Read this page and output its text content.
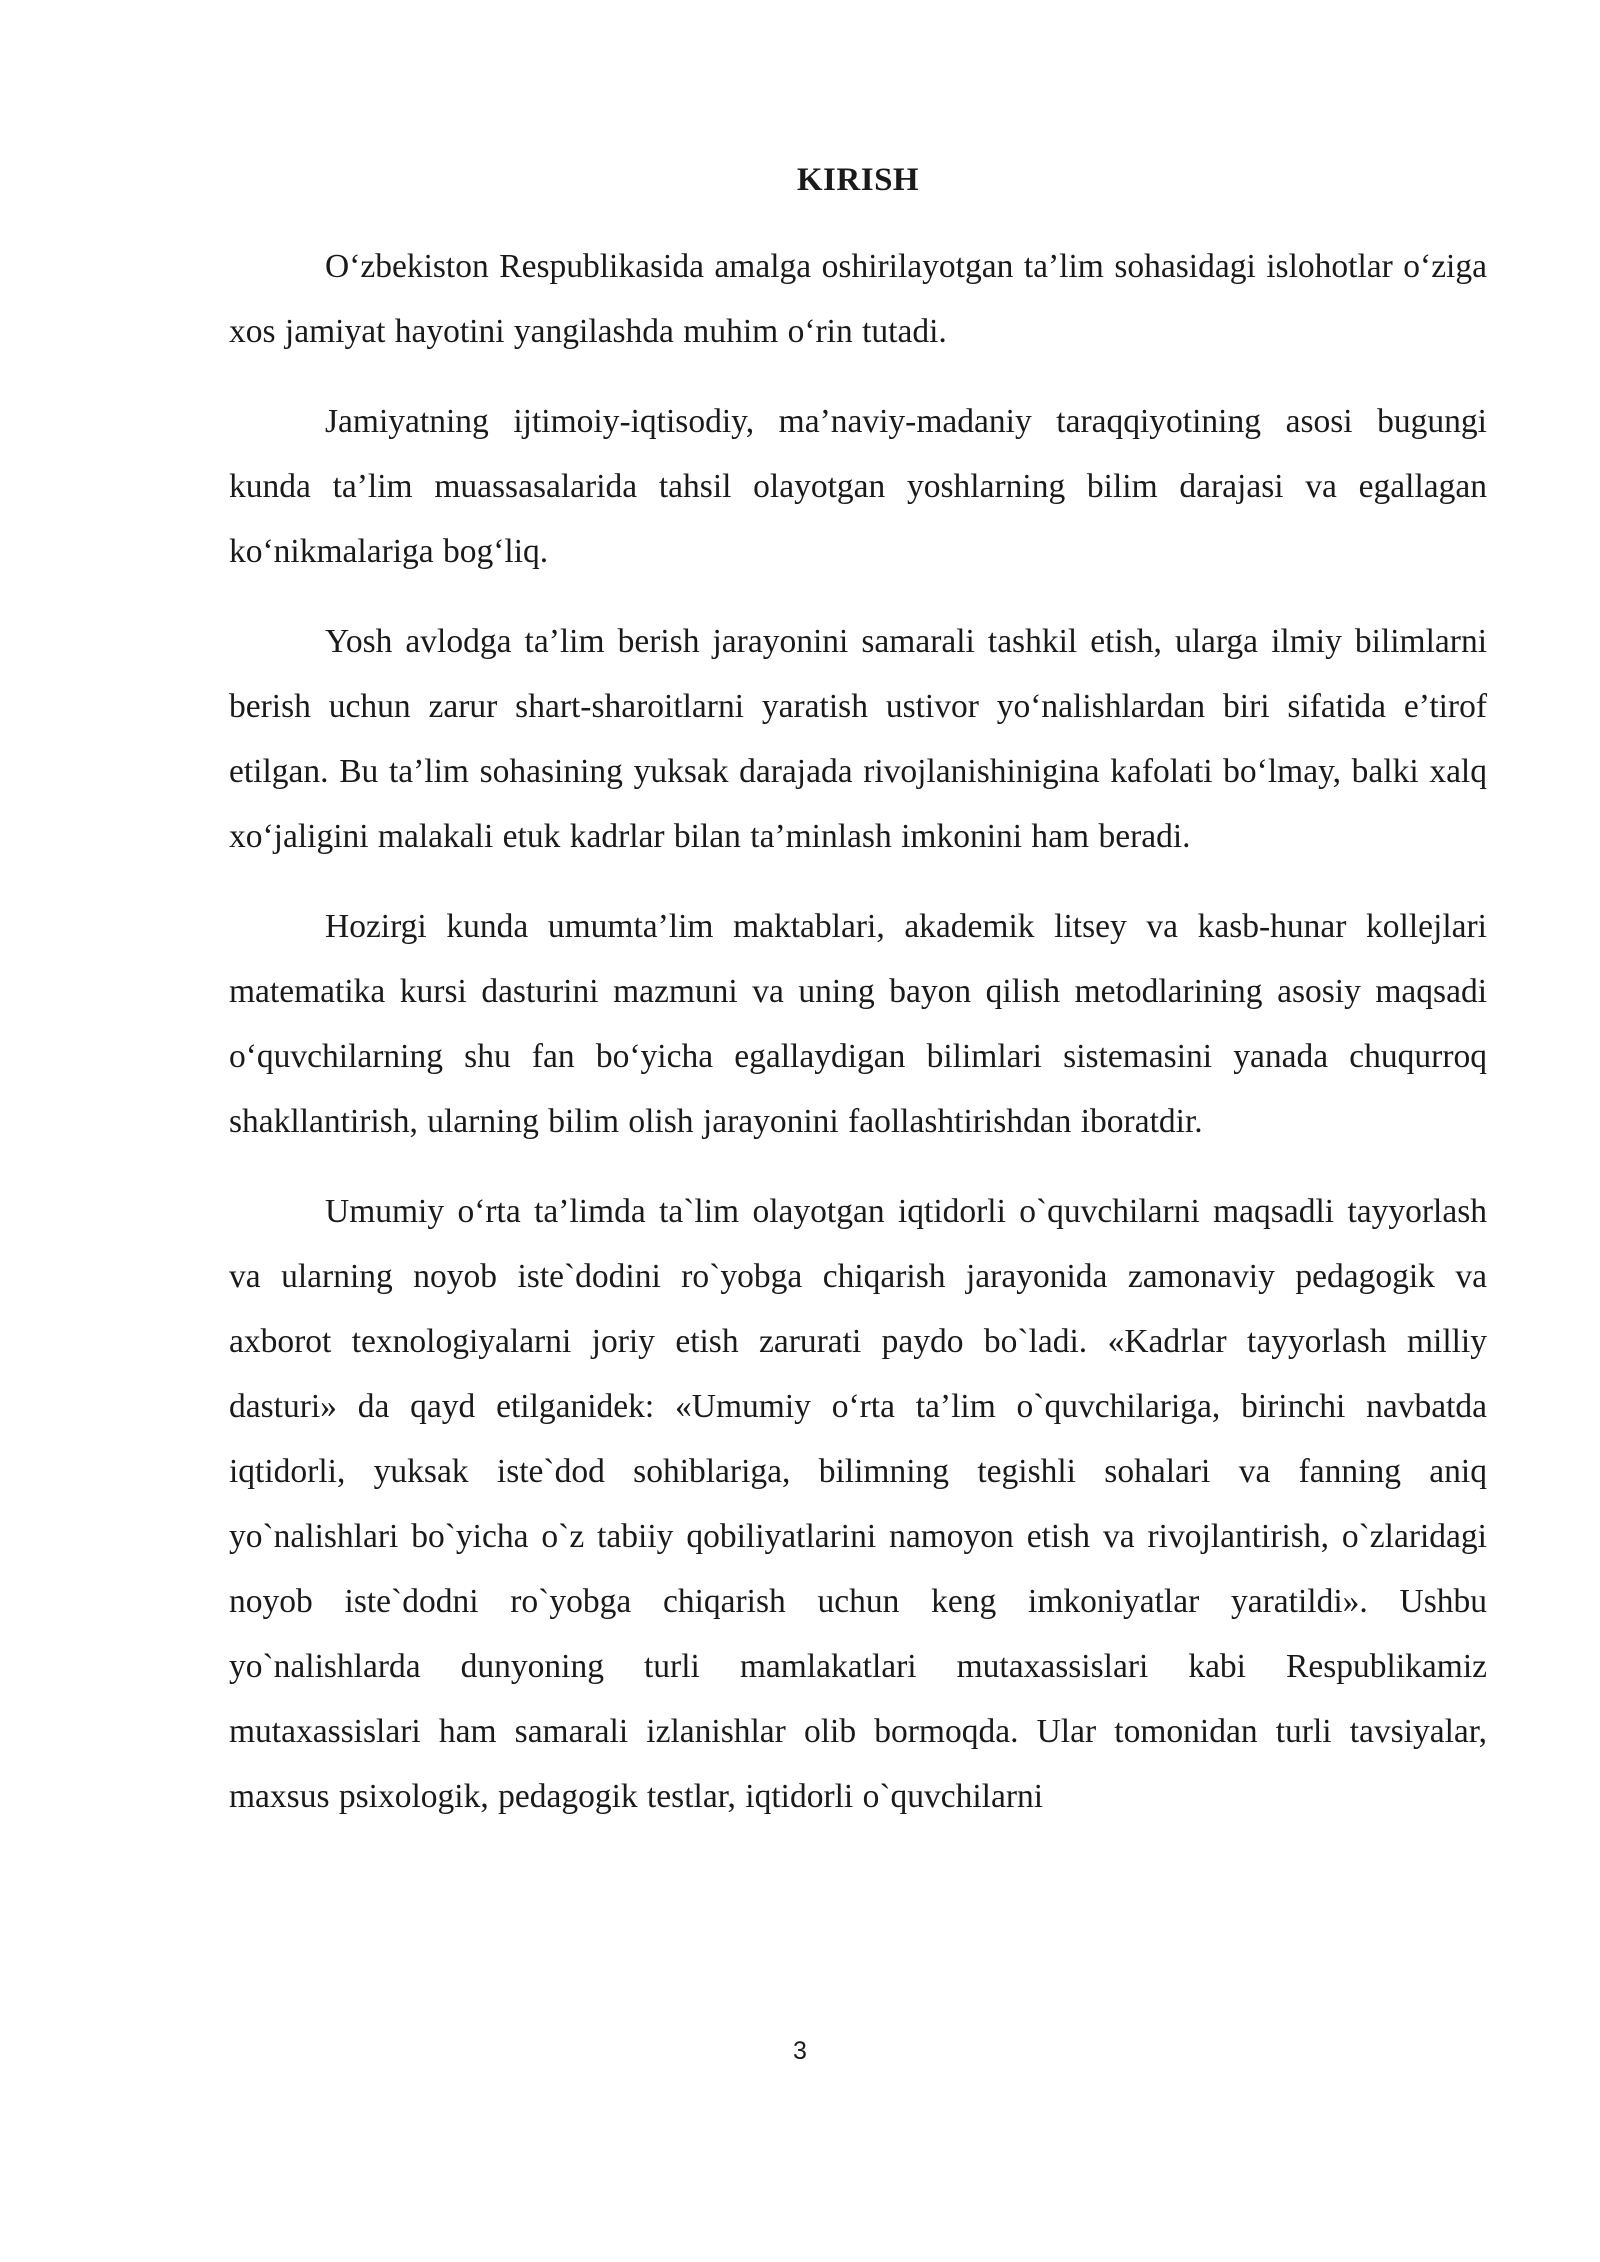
KIRISH

O‘zbekiston Respublikasida amalga oshirilayotgan ta’lim sohasidagi islohotlar o‘ziga xos jamiyat hayotini yangilashda muhim o‘rin tutadi.

Jamiyatning ijtimoiy-iqtisodiy, ma’naviy-madaniy taraqqiyotining asosi bugungi kunda ta’lim muassasalarida tahsil olayotgan yoshlarning bilim darajasi va egallagan ko‘nikmalariga bog‘liq.

Yosh avlodga ta’lim berish jarayonini samarali tashkil etish, ularga ilmiy bilimlarni berish uchun zarur shart-sharoitlarni yaratish ustivor yo‘nalishlardan biri sifatida e’tirof etilgan. Bu ta’lim sohasining yuksak darajada rivojlanishinigina kafolati bo‘lmay, balki xalq xo‘jaligini malakali etuk kadrlar bilan ta’minlash imkonini ham beradi.

Hozirgi kunda umumta’lim maktablari, akademik litsey va kasb-hunar kollejlari matematika kursi dasturini mazmuni va uning bayon qilish metodlarining asosiy maqsadi o‘quvchilarning shu fan bo‘yicha egallaydigan bilimlari sistemasini yanada chuqurroq shakllantirish, ularning bilim olish jarayonini faollashtirishdan iboratdir.

Umumiy o‘rta ta’limda ta`lim olayotgan iqtidorli o`quvchilarni maqsadli tayyorlash va ularning noyob iste`dodini ro`yobga chiqarish jarayonida zamonaviy pedagogik va axborot texnologiyalarni joriy etish zarurati paydo bo`ladi. «Kadrlar tayyorlash milliy dasturi» da qayd etilganidek: «Umumiy o‘rta ta’lim o`quvchilariga, birinchi navbatda iqtidorli, yuksak iste`dod sohiblariga, bilimning tegishli sohalari va fanning aniq yo`nalishlari bo`yicha o`z tabiiy qobiliyatlarini namoyon etish va rivojlantirish, o`zlaridagi noyob iste`dodni ro`yobga chiqarish uchun keng imkoniyatlar yaratildi». Ushbu yo`nalishlarda dunyoning turli mamlakatlari mutaxassislari kabi Respublikamiz mutaxassislari ham samarali izlanishlar olib bormoqda. Ular tomonidan turli tavsiyalar, maxsus psixologik, pedagogik testlar, iqtidorli o`quvchilarni

3
